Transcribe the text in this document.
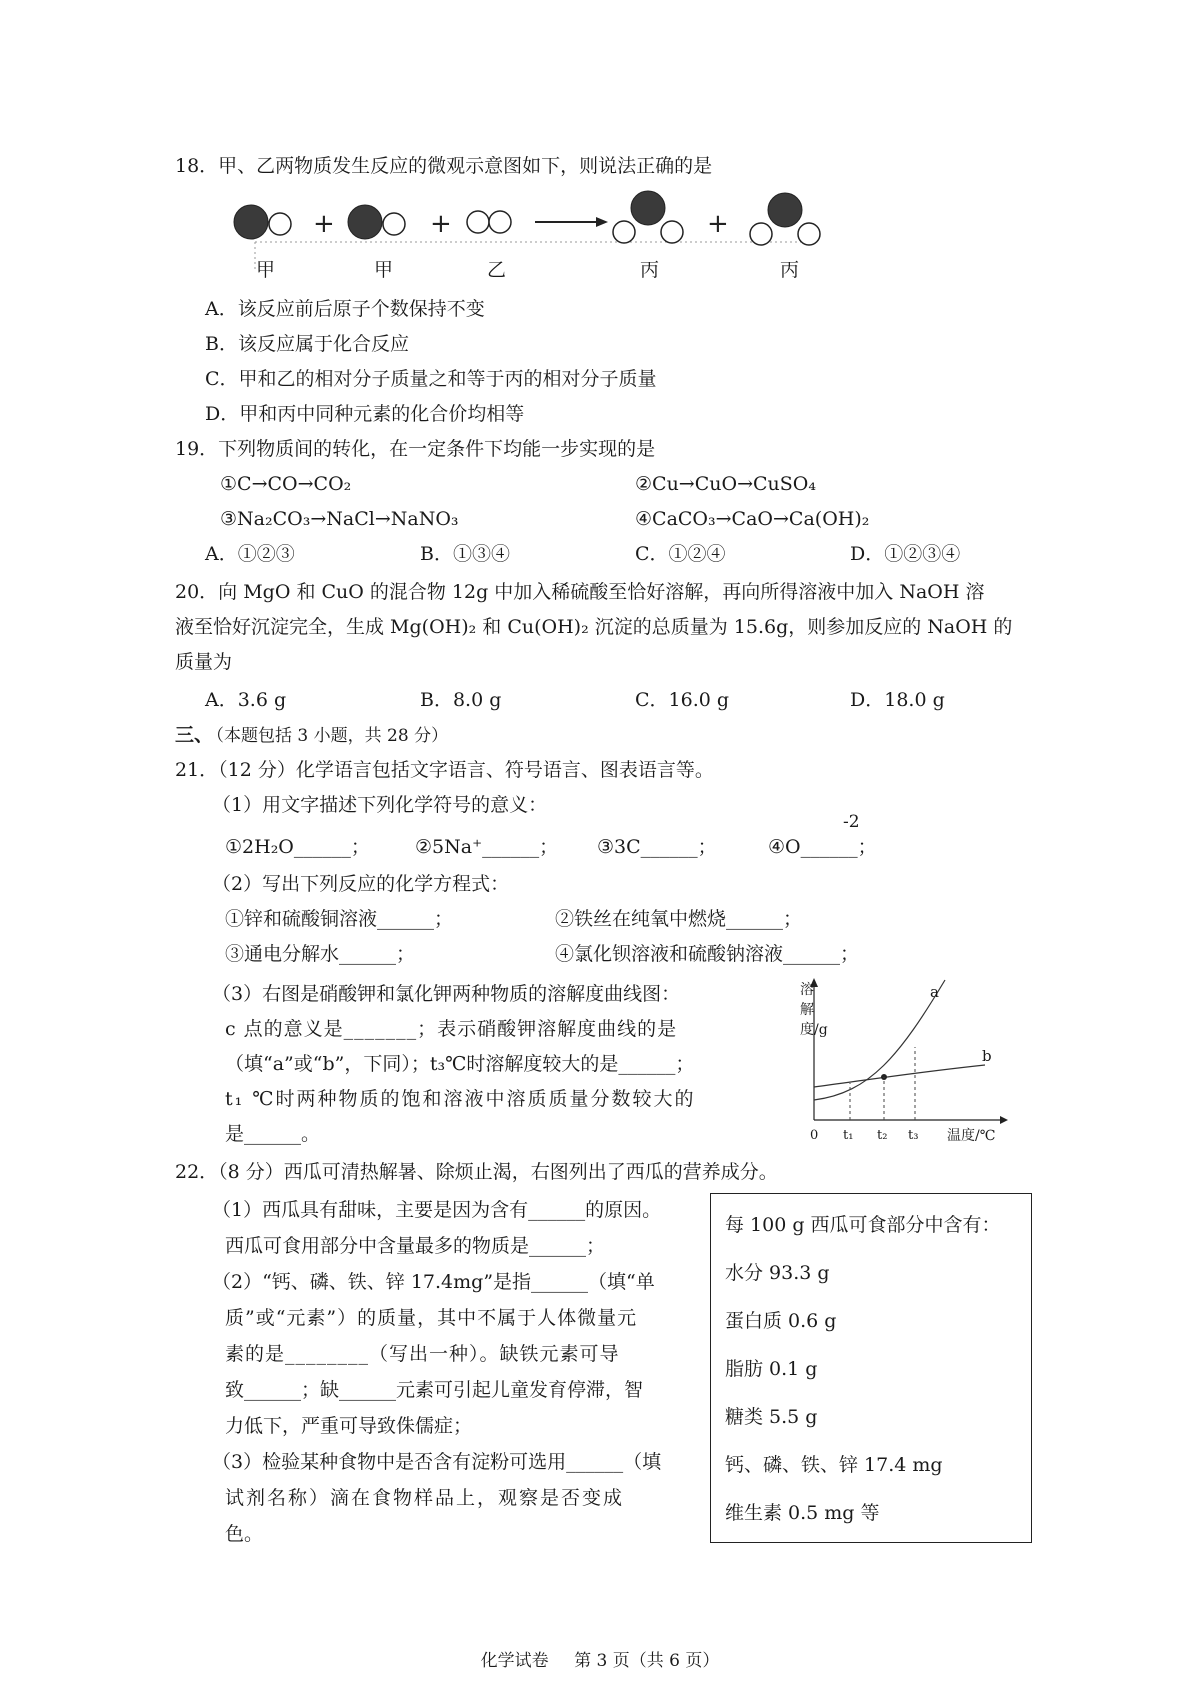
18．甲、乙两物质发生反应的微观示意图如下，则说法正确的是
+	+	+
甲	甲	乙	丙	丙
A．该反应前后原子个数保持不变
B．该反应属于化合反应
C．甲和乙的相对分子质量之和等于丙的相对分子质量
D．甲和丙中同种元素的化合价均相等
19．下列物质间的转化，在一定条件下均能一步实现的是
①C→CO→CO₂	②Cu→CuO→CuSO₄
③Na₂CO₃→NaCl→NaNO₃	④CaCO₃→CaO→Ca(OH)₂
A．①②③	B．①③④	C．①②④	D．①②③④
20．向 MgO 和 CuO 的混合物 12g 中加入稀硫酸至恰好溶解，再向所得溶液中加入 NaOH 溶
液至恰好沉淀完全，生成 Mg(OH)₂ 和 Cu(OH)₂ 沉淀的总质量为 15.6g，则参加反应的 NaOH 的
质量为
A．3.6 g	B．8.0 g	C．16.0 g	D．18.0 g
三、
（本题包括 3 小题，共 28 分）
21．（12 分）化学语言包括文字语言、符号语言、图表语言等。
（1）用文字描述下列化学符号的意义：
-2
①2H₂O______； ②5Na⁺______； ③3C______；	④O______；
（2）写出下列反应的化学方程式：
①锌和硫酸铜溶液______；	②铁丝在纯氧中燃烧______；
③通电分解水______；	④氯化钡溶液和硫酸钠溶液______；
（3）右图是硝酸钾和氯化钾两种物质的溶解度曲线图：
c 点的意义是_______；表示硝酸钾溶解度曲线的是
（填“a”或“b”，下同）；t₃℃时溶解度较大的是______；
t₁ ℃时两种物质的饱和溶液中溶质质量分数较大的
是______。
溶解度/g
a
b
0 t₁ t₂ t₃ 温度/℃
22．（8 分）西瓜可清热解暑、除烦止渴，右图列出了西瓜的营养成分。
（1）西瓜具有甜味，主要是因为含有______的原因。
西瓜可食用部分中含量最多的物质是______；
（2）“钙、磷、铁、锌 17.4mg”是指______（填“单
质”或“元素”）的质量，其中不属于人体微量元
素的是________（写出一种）。缺铁元素可导
致______；缺______元素可引起儿童发育停滞，智
力低下，严重可导致侏儒症；
（3）检验某种食物中是否含有淀粉可选用______（填
试剂名称）滴在食物样品上，观察是否变成
色。
每 100 g 西瓜可食部分中含有：
水分 93.3 g
蛋白质 0.6 g
脂肪 0.1 g
糖类 5.5 g
钙、磷、铁、锌 17.4 mg
维生素 0.5 mg 等
化学试卷 第 3 页（共 6 页）
